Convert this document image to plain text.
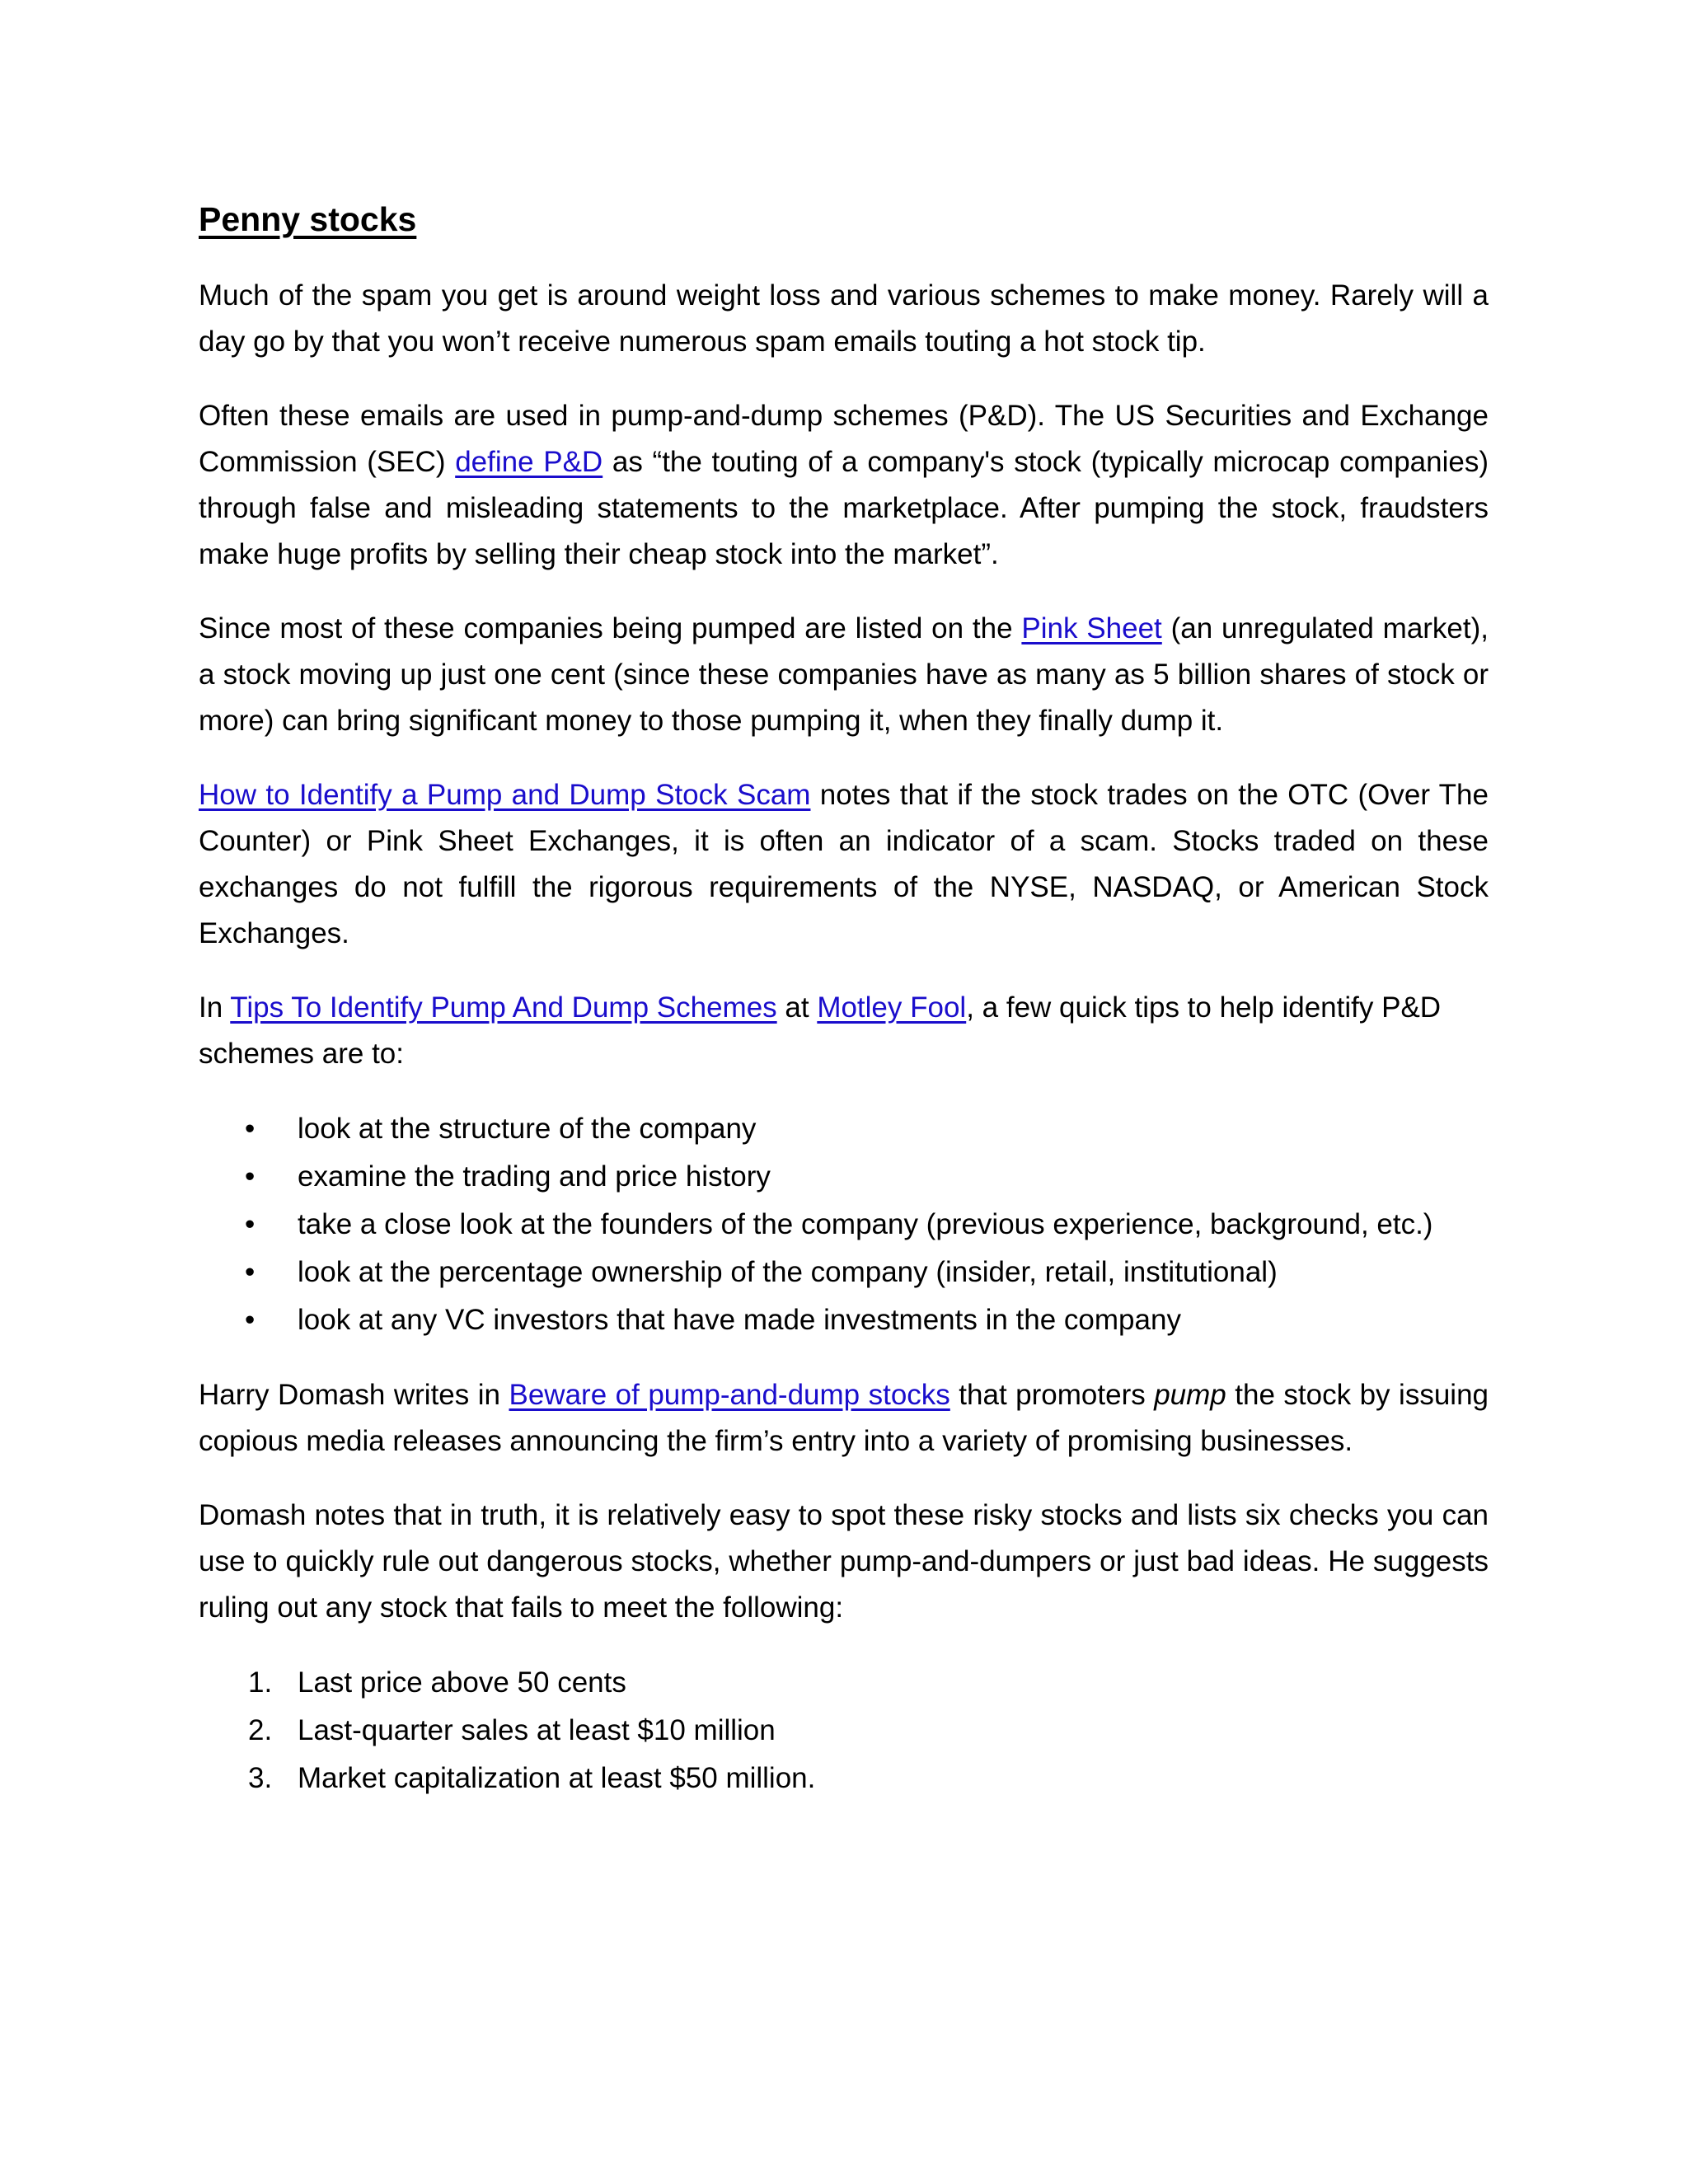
Penny stocks

Much of the spam you get is around weight loss and various schemes to make money. Rarely will a day go by that you won’t receive numerous spam emails touting a hot stock tip.

Often these emails are used in pump-and-dump schemes (P&D). The US Securities and Exchange Commission (SEC) define P&D as “the touting of a company's stock (typically microcap companies) through false and misleading statements to the marketplace. After pumping the stock, fraudsters make huge profits by selling their cheap stock into the market”.

Since most of these companies being pumped are listed on the Pink Sheet (an unregulated market), a stock moving up just one cent (since these companies have as many as 5 billion shares of stock or more) can bring significant money to those pumping it, when they finally dump it.

How to Identify a Pump and Dump Stock Scam notes that if the stock trades on the OTC (Over The Counter) or Pink Sheet Exchanges, it is often an indicator of a scam. Stocks traded on these exchanges do not fulfill the rigorous requirements of the NYSE, NASDAQ, or American Stock Exchanges.

In Tips To Identify Pump And Dump Schemes at Motley Fool, a few quick tips to help identify P&D schemes are to:

• look at the structure of the company
• examine the trading and price history
• take a close look at the founders of the company (previous experience, background, etc.)
• look at the percentage ownership of the company (insider, retail, institutional)
• look at any VC investors that have made investments in the company

Harry Domash writes in Beware of pump-and-dump stocks that promoters pump the stock by issuing copious media releases announcing the firm’s entry into a variety of promising businesses.

Domash notes that in truth, it is relatively easy to spot these risky stocks and lists six checks you can use to quickly rule out dangerous stocks, whether pump-and-dumpers or just bad ideas. He suggests ruling out any stock that fails to meet the following:

1. Last price above 50 cents
2. Last-quarter sales at least $10 million
3. Market capitalization at least $50 million.
